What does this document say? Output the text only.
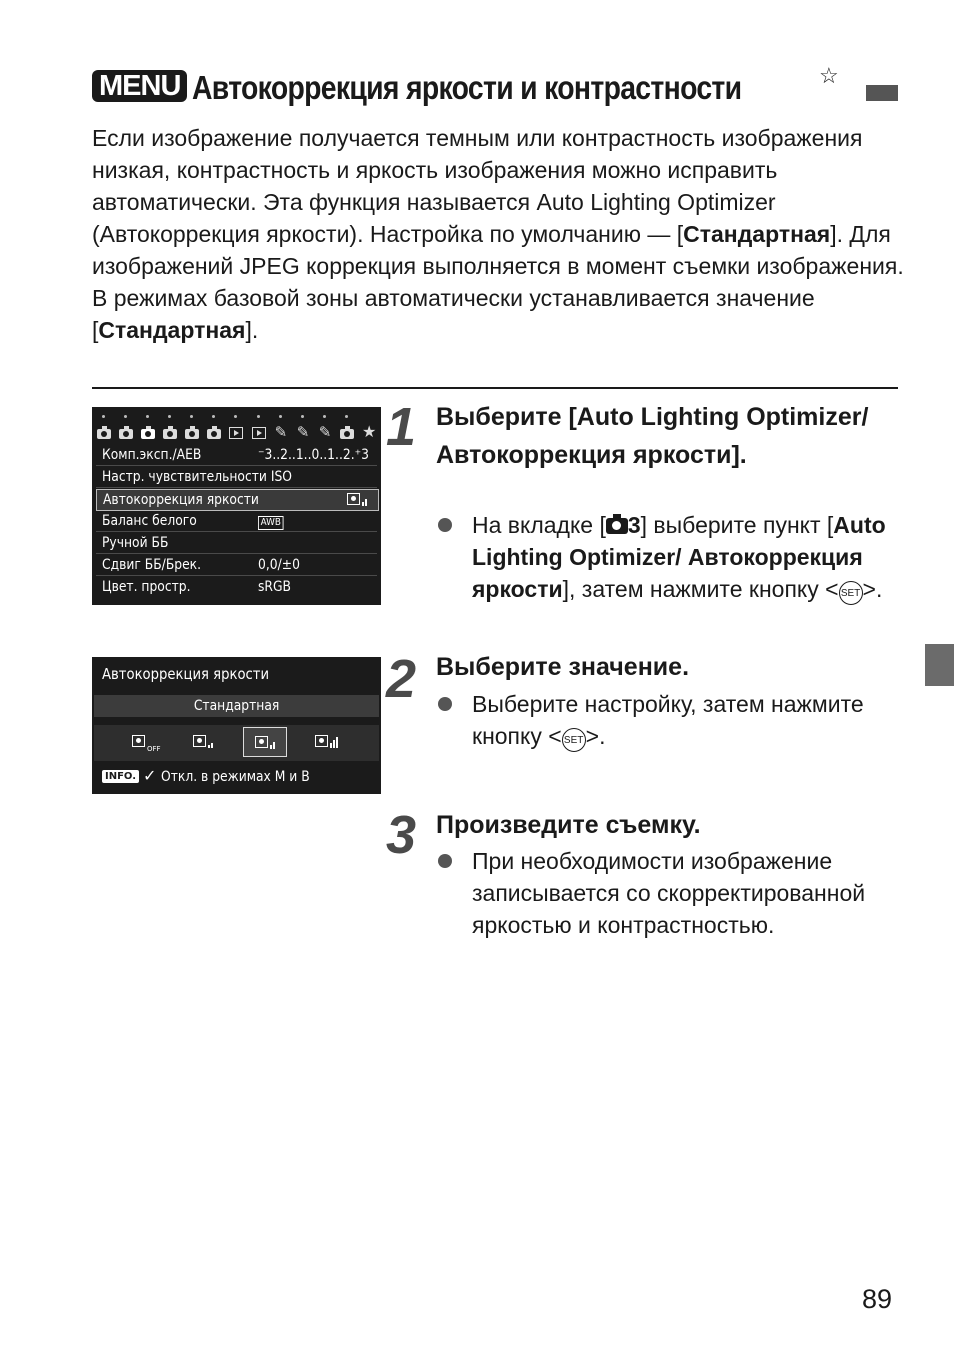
MENU Автокоррекция яркости и контрастности	☆

Если изображение получается темным или контрастность изображения низкая, контрастность и яркость изображения можно исправить автоматически. Эта функция называется Auto Lighting Optimizer (Автокоррекция яркости). Настройка по умолчанию — [Стандартная]. Для изображений JPEG коррекция выполняется в момент съемки изображения.

В режимах базовой зоны автоматически устанавливается значение [Стандартная].

✎ ✎ ✎ ★
Комп.эксп./AEB	⁻3..2..1..0..1..2.⁺3
Настр. чувствительности ISO
Автокоррекция яркости
Баланс белого	AWB
Ручной ББ
Сдвиг ББ/Брек.	0,0/±0
Цвет. простр.	sRGB
Автокоррекция яркости
Стандартная
OFF
INFO. ✓ Откл. в режимах M и B
1 Выберите [Auto Lighting Optimizer/Автокоррекция яркости].
На вкладке [ 3] выберите пункт [Auto Lighting Optimizer/ Автокоррекция яркости], затем нажмите кнопку < SET>.
2 Выберите значение.
Выберите настройку, затем нажмите кнопку < SET>.
3 Произведите съемку.
При необходимости изображение записывается со скорректированной яркостью и контрастностью.
89
